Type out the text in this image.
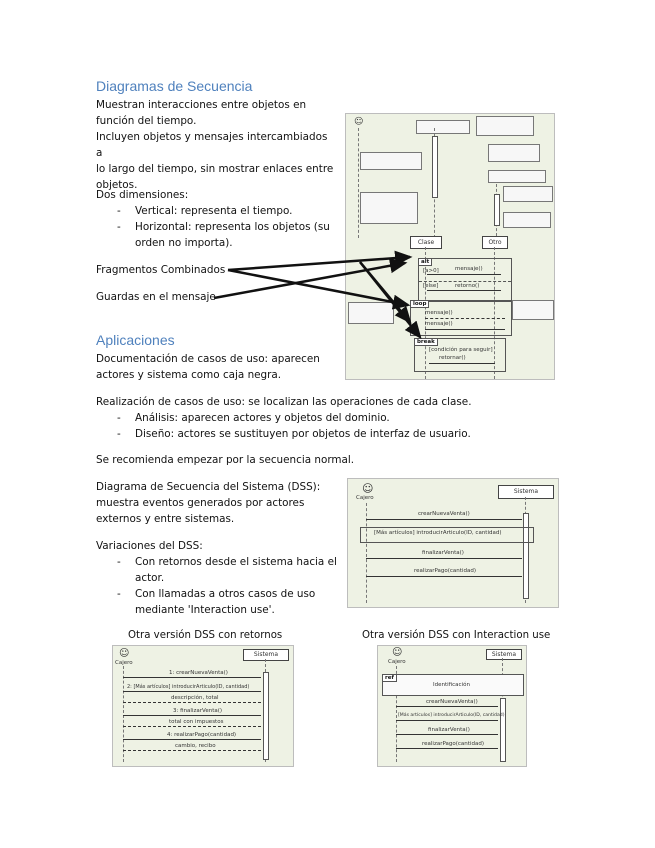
Diagramas de Secuencia
Muestran interacciones entre objetos en
función del tiempo.
Incluyen objetos y mensajes intercambiados a
lo largo del tiempo, sin mostrar enlaces entre
objetos.
Dos dimensiones:
- Vertical: representa el tiempo.
- Horizontal: representa los objetos (su
orden no importa).
Fragmentos Combinados
Guardas en el mensaje
☺
Clase	Otro
alt
[a>0]	mensaje()
[else]	retorno()
loop
mensaje()
mensaje()
break
[condición para seguir]
retornar()
Aplicaciones
Documentación de casos de uso: aparecen
actores y sistema como caja negra.
Realización de casos de uso: se localizan las operaciones de cada clase.
- Análisis: aparecen actores y objetos del dominio.
- Diseño: actores se sustituyen por objetos de interfaz de usuario.
Se recomienda empezar por la secuencia normal.
Diagrama de Secuencia del Sistema (DSS):
muestra eventos generados por actores
externos y entre sistemas.
Variaciones del DSS:
- Con retornos desde el sistema hacia el
actor.
- Con llamadas a otros casos de uso
mediante 'Interaction use'.
☺
Cajero
Sistema
crearNuevaVenta()
[Más artículos] introducirArticulo(ID, cantidad)
finalizarVenta()
realizarPago(cantidad)
Otra versión DSS con retornos	Otra versión DSS con Interaction use
☺
Cajero
Sistema
1: crearNuevaVenta()
2: [Más artículos] introducirArticulo(ID, cantidad)
descripción, total
3: finalizarVenta()
total con impuestos
4: realizarPago(cantidad)
cambio, recibo
☺
Cajero
Sistema
ref
Identificación
crearNuevaVenta()
[Más artículos] introducirArticulo(ID, cantidad)
finalizarVenta()
realizarPago(cantidad)
